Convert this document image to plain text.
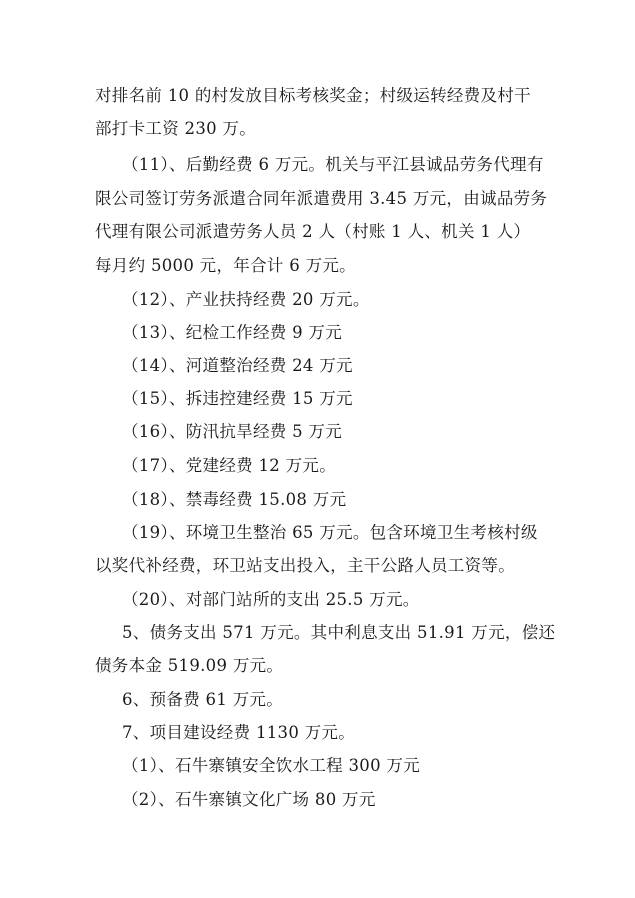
对排名前 10 的村发放目标考核奖金；村级运转经费及村干
部打卡工资 230 万。
（11）、后勤经费 6 万元。机关与平江县诚品劳务代理有
限公司签订劳务派遣合同年派遣费用 3.45 万元，由诚品劳务
代理有限公司派遣劳务人员 2 人（村账 1 人、机关 1 人）
每月约 5000 元，年合计 6 万元。
（12）、产业扶持经费 20 万元。
（13）、纪检工作经费 9 万元
（14）、河道整治经费 24 万元
（15）、拆违控建经费 15 万元
（16）、防汛抗旱经费 5 万元
（17）、党建经费 12 万元。
（18）、禁毒经费 15.08 万元
（19）、环境卫生整治 65 万元。包含环境卫生考核村级
以奖代补经费，环卫站支出投入，主干公路人员工资等。
（20）、对部门站所的支出 25.5 万元。
5、债务支出 571 万元。其中利息支出 51.91 万元，偿还
债务本金 519.09 万元。
6、预备费 61 万元。
7、项目建设经费 1130 万元。
（1）、石牛寨镇安全饮水工程 300 万元
（2）、石牛寨镇文化广场 80 万元
